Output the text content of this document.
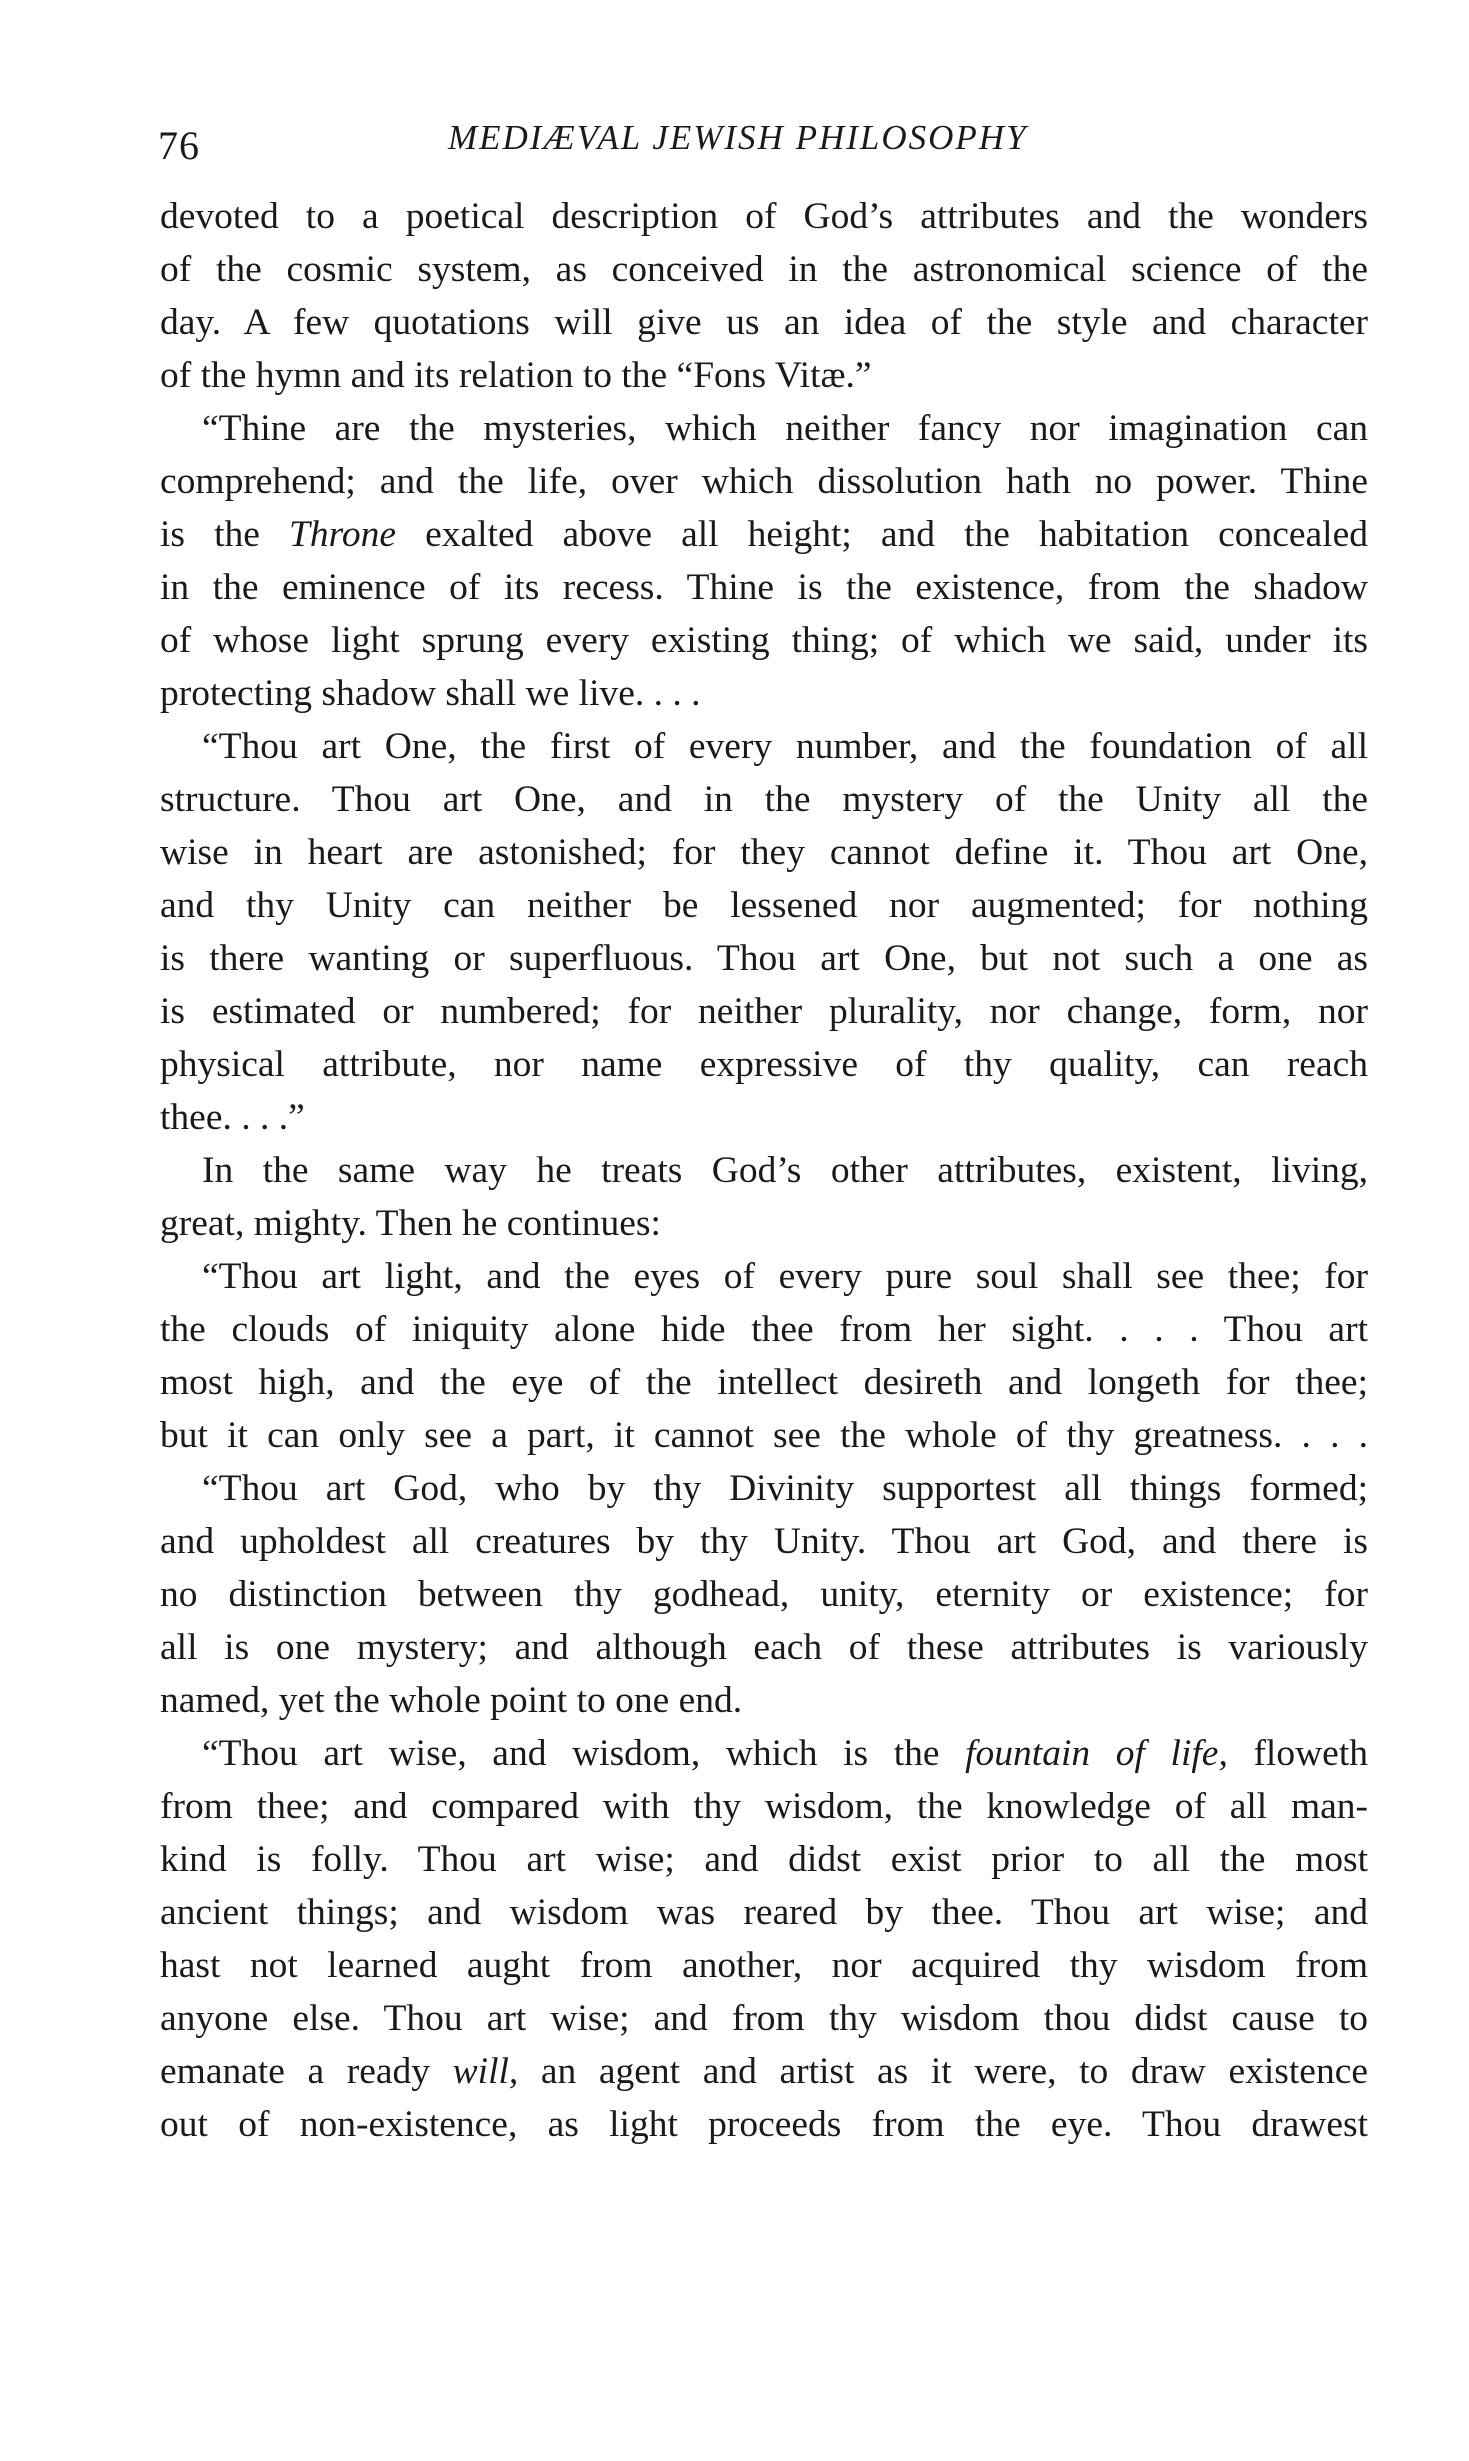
76	MEDIÆVAL JEWISH PHILOSOPHY
devoted to a poetical description of God’s attributes and the wonders
of the cosmic system, as conceived in the astronomical science of the
day. A few quotations will give us an idea of the style and character
of the hymn and its relation to the “Fons Vitæ.”
“Thine are the mysteries, which neither fancy nor imagination can
comprehend; and the life, over which dissolution hath no power. Thine
is the Throne exalted above all height; and the habitation concealed
in the eminence of its recess. Thine is the existence, from the shadow
of whose light sprung every existing thing; of which we said, under its
protecting shadow shall we live. . . .
“Thou art One, the first of every number, and the foundation of all
structure. Thou art One, and in the mystery of the Unity all the
wise in heart are astonished; for they cannot define it. Thou art One,
and thy Unity can neither be lessened nor augmented; for nothing
is there wanting or superfluous. Thou art One, but not such a one as
is estimated or numbered; for neither plurality, nor change, form, nor
physical attribute, nor name expressive of thy quality, can reach
thee. . . .”
In the same way he treats God’s other attributes, existent, living,
great, mighty. Then he continues:
“Thou art light, and the eyes of every pure soul shall see thee; for
the clouds of iniquity alone hide thee from her sight. . . . Thou art
most high, and the eye of the intellect desireth and longeth for thee;
but it can only see a part, it cannot see the whole of thy greatness. . . .
“Thou art God, who by thy Divinity supportest all things formed;
and upholdest all creatures by thy Unity. Thou art God, and there is
no distinction between thy godhead, unity, eternity or existence; for
all is one mystery; and although each of these attributes is variously
named, yet the whole point to one end.
“Thou art wise, and wisdom, which is the fountain of life, floweth
from thee; and compared with thy wisdom, the knowledge of all man-
kind is folly. Thou art wise; and didst exist prior to all the most
ancient things; and wisdom was reared by thee. Thou art wise; and
hast not learned aught from another, nor acquired thy wisdom from
anyone else. Thou art wise; and from thy wisdom thou didst cause to
emanate a ready will, an agent and artist as it were, to draw existence
out of non-existence, as light proceeds from the eye. Thou drawest
